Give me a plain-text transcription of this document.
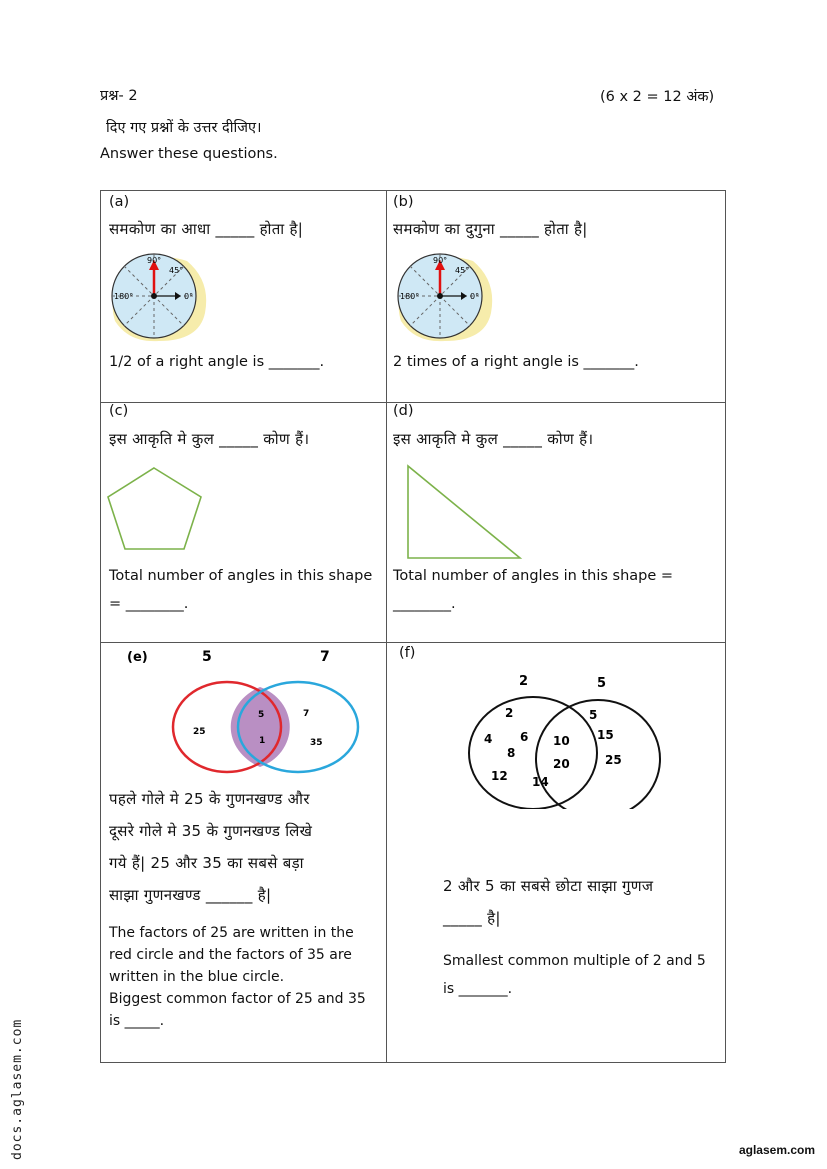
प्रश्न- 2	(6 x 2 = 12 अंक)
दिए गए प्रश्नों के उत्तर दीजिए।
Answer these questions.
(a)
समकोण का आधा _____ होता है|
90°
45°
180°	0°
1/2 of a right angle is _______.
(b)
समकोण का दुगुना _____ होता है|
90°
45°
180°	0°
2 times of a right angle is _______.
(c)
इस आकृति मे कुल _____ कोण हैं।
Total number of angles in this shape
= ________.
(d)
इस आकृति मे कुल _____ कोण हैं।
Total number of angles in this shape =
________.
(e)	5	7
25
5
1
7
35
पहले गोले मे 25 के गुणनखण्ड और
दूसरे गोले मे 35 के गुणनखण्ड लिखे
गये हैं| 25 और 35 का सबसे बड़ा
साझा गुणनखण्ड ______ है|
The factors of 25 are written in the
red circle and the factors of 35 are
written in the blue circle.
Biggest common factor of 25 and 35
is _____.
(f)
2	5
2
4 6
8
12 14
10
20
5
15
25
2 और 5 का सबसे छोटा साझा गुणज
_____ है|
Smallest common multiple of 2 and 5
is _______.
docs.aglasem.com	aglasem.com
